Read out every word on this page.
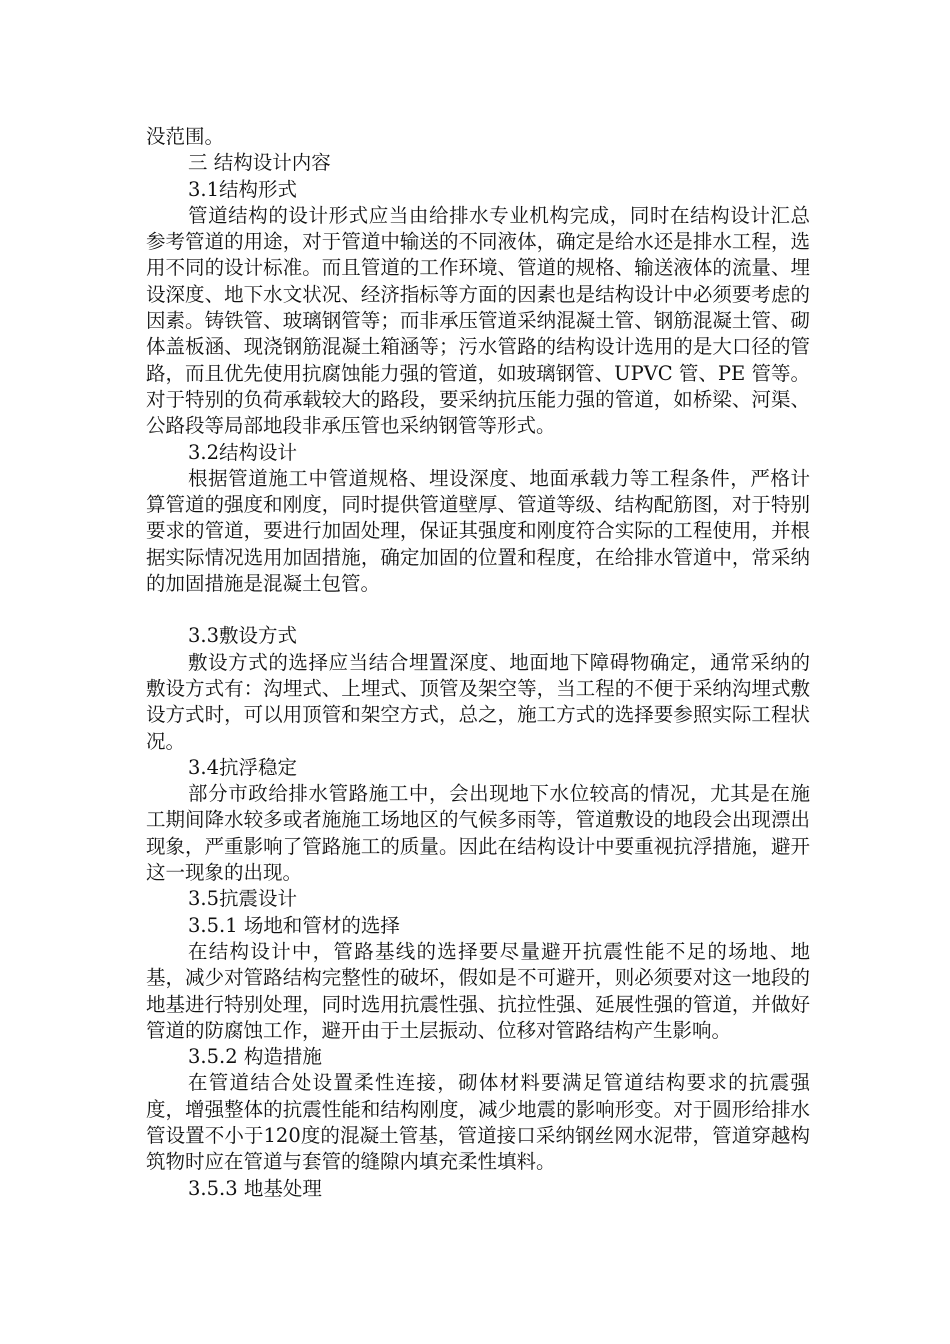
没范围。

三 结构设计内容

3.1结构形式

管道结构的设计形式应当由给排水专业机构完成，同时在结构设计汇总参考管道的用途，对于管道中输送的不同液体，确定是给水还是排水工程，选用不同的设计标准。而且管道的工作环境、管道的规格、输送液体的流量、埋设深度、地下水文状况、经济指标等方面的因素也是结构设计中必须要考虑的因素。铸铁管、玻璃钢管等；而非承压管道采纳混凝土管、钢筋混凝土管、砌体盖板涵、现浇钢筋混凝土箱涵等；污水管路的结构设计选用的是大口径的管路，而且优先使用抗腐蚀能力强的管道，如玻璃钢管、UPVC 管、PE 管等。对于特别的负荷承载较大的路段，要采纳抗压能力强的管道，如桥梁、河渠、公路段等局部地段非承压管也采纳钢管等形式。

3.2结构设计

根据管道施工中管道规格、埋设深度、地面承载力等工程条件，严格计算管道的强度和刚度，同时提供管道壁厚、管道等级、结构配筋图，对于特别要求的管道，要进行加固处理，保证其强度和刚度符合实际的工程使用，并根据实际情况选用加固措施，确定加固的位置和程度，在给排水管道中，常采纳的加固措施是混凝土包管。

3.3敷设方式

敷设方式的选择应当结合埋置深度、地面地下障碍物确定，通常采纳的敷设方式有：沟埋式、上埋式、顶管及架空等，当工程的不便于采纳沟埋式敷设方式时，可以用顶管和架空方式，总之，施工方式的选择要参照实际工程状况。

3.4抗浮稳定

部分市政给排水管路施工中，会出现地下水位较高的情况，尤其是在施工期间降水较多或者施施工场地区的气候多雨等，管道敷设的地段会出现漂出现象，严重影响了管路施工的质量。因此在结构设计中要重视抗浮措施，避开这一现象的出现。

3.5抗震设计

3.5.1 场地和管材的选择

在结构设计中，管路基线的选择要尽量避开抗震性能不足的场地、地基，减少对管路结构完整性的破坏，假如是不可避开，则必须要对这一地段的地基进行特别处理，同时选用抗震性强、抗拉性强、延展性强的管道，并做好管道的防腐蚀工作，避开由于土层振动、位移对管路结构产生影响。

3.5.2 构造措施

在管道结合处设置柔性连接，砌体材料要满足管道结构要求的抗震强度，增强整体的抗震性能和结构刚度，减少地震的影响形变。对于圆形给排水管设置不小于120度的混凝土管基，管道接口采纳钢丝网水泥带，管道穿越构筑物时应在管道与套管的缝隙内填充柔性填料。

3.5.3 地基处理
